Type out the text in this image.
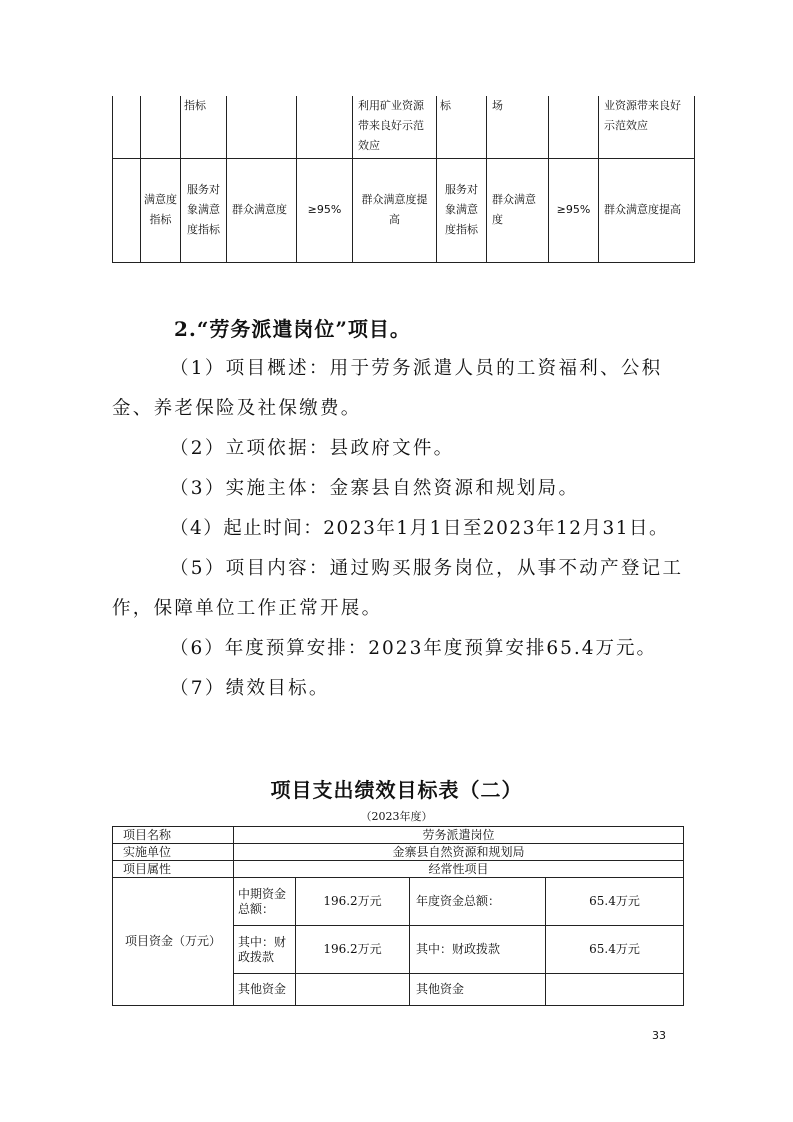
		指标			利用矿业资源带来良好示范效应	标	场		业资源带来良好示范效应
	满意度指标	服务对象满意度指标	群众满意度	≥95%	群众满意度提高	服务对象满意度指标	群众满意度	≥95%	群众满意度提高
2.“劳务派遣岗位”项目。
（1）项目概述：用于劳务派遣人员的工资福利、公积金、养老保险及社保缴费。
（2）立项依据：县政府文件。
（3）实施主体：金寨县自然资源和规划局。
（4）起止时间：2023年1月1日至2023年12月31日。
（5）项目内容：通过购买服务岗位，从事不动产登记工作，保障单位工作正常开展。
（6）年度预算安排：2023年度预算安排65.4万元。
（7）绩效目标。
项目支出绩效目标表（二）
（2023年度）
项目名称	劳务派遣岗位			
实施单位	金寨县自然资源和规划局			
项目属性	经常性项目			
项目资金（万元）	中期资金总额：	196.2万元	年度资金总额：	65.4万元
	其中：财政拨款	196.2万元	其中：财政拨款	65.4万元
	其他资金		其他资金	
33
